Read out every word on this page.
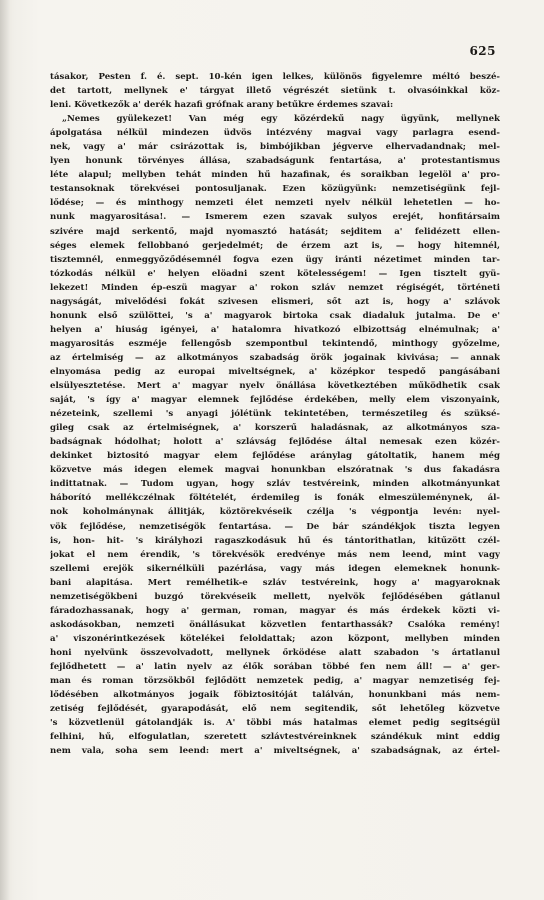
625
tásakor, Pesten f. é. sept. 10-kén igen lelkes, különös figyelemre méltó beszé-
det tartott, mellynek e' tárgyat illető végrészét sietünk t. olvasóinkkal köz-
leni. Következők a' derék hazafi grófnak arany betűkre érdemes szavai:
„Nemes gyülekezet! Van még egy közérdekű nagy ügyünk, mellynek
ápolgatása nélkül mindezen üdvös intézvény magvai vagy parlagra esend-
nek, vagy a' már csirázottak is, bimbójikban jégverve elhervadandnak; mel-
lyen honunk törvényes állása, szabadságunk fentartása, a' protestantismus
léte alapul; mellyben tehát minden hű hazafinak, és soraikban legelöl a' pro-
testansoknak törekvései pontosuljanak. Ezen közügyünk: nemzetiségünk fejl-
lődése; — és minthogy nemzeti élet nemzeti nyelv nélkül lehetetlen — ho-
nunk magyarositása!. — Ismerem ezen szavak sulyos erejét, honfitársaim
szivére majd serkentő, majd nyomasztó hatását; sejditem a' felidézett ellen-
séges elemek fellobbanó gerjedelmét; de érzem azt is, — hogy hitemnél,
tisztemnél, enmeggyőződésemnél fogva ezen ügy iránti nézetimet minden tar-
tózkodás nélkül e' helyen elöadni szent kötelességem! — Igen tisztelt gyü-
lekezet! Minden ép-eszü magyar a' rokon szláv nemzet régiségét, történeti
nagyságát, mivelődési fokát szivesen elismeri, sőt azt is, hogy a' szlávok
honunk első szülöttei, 's a' magyarok birtoka csak diadaluk jutalma. De e'
helyen a' hiuság igényei, a' hatalomra hivatkozó elbizottság elnémulnak; a'
magyarositás eszméje fellengősb szempontbul tekintendő, minthogy győzelme,
az értelmiség — az alkotmányos szabadság örök jogainak kivivása; — annak
elnyomása pedig az europai miveltségnek, a' középkor tespedő pangásábani
elsülyesztetése. Mert a' magyar nyelv önállása következtében működhetik csak
saját, 's így a' magyar elemnek fejlődése érdekében, melly elem viszonyaink,
nézeteink, szellemi 's anyagi jólétünk tekintetében, természetileg és szüksé-
gileg csak az értelmiségnek, a' korszerű haladásnak, az alkotmányos sza-
badságnak hódolhat; holott a' szlávság fejlődése által nemesak ezen közér-
dekinket biztositó magyar elem fejlődése aránylag gátoltatik, hanem még
közvetve más idegen elemek magvai honunkban elszóratnak 's dus fakadásra
indittatnak. — Tudom ugyan, hogy szláv testvéreink, minden alkotmányunkat
háborító mellékczélnak föltételét, érdemileg is fonák elmeszüleménynek, ál-
nok koholmánynak állitják, köztörekvéseik czélja 's végpontja levén: nyel-
vök fejlődése, nemzetiségök fentartása. — De bár szándékjok tiszta legyen
is, hon- hit- 's királyhozi ragaszkodásuk hű és tántorithatlan, kitűzött czél-
jokat el nem érendik, 's törekvésök eredvénye más nem leend, mint vagy
szellemi erejök sikernélküli pazérlása, vagy más idegen elemeknek honunk-
bani alapitása. Mert remélhetik-e szláv testvéreink, hogy a' magyaroknak
nemzetiségökbeni buzgó törekvéseik mellett, nyelvök fejlődésében gátlanul
fáradozhassanak, hogy a' german, roman, magyar és más érdekek közti vi-
askodásokban, nemzeti önállásukat közvetlen fentarthassák? Csalóka remény!
a' viszonérintkezések kötelékei feloldattak; azon központ, mellyben minden
honi nyelvünk összevolvadott, mellynek őrködése alatt szabadon 's ártatlanul
fejlődhetett — a' latin nyelv az élők sorában többé fen nem áll! — a' ger-
man és roman törzsökből fejlődött nemzetek pedig, a' magyar nemzetiség fej-
lődésében alkotmányos jogaik föbiztositóját találván, honunkbani más nem-
zetiség fejlődését, gyarapodását, elő nem segitendik, sőt lehetőleg közvetve
's közvetlenül gátolandják is. A' többi más hatalmas elemet pedig segitségül
felhini, hű, elfogulatlan, szeretett szlávtestvéreinknek szándékuk mint eddig
nem vala, soha sem leend: mert a' miveltségnek, a' szabadságnak, az értel-
